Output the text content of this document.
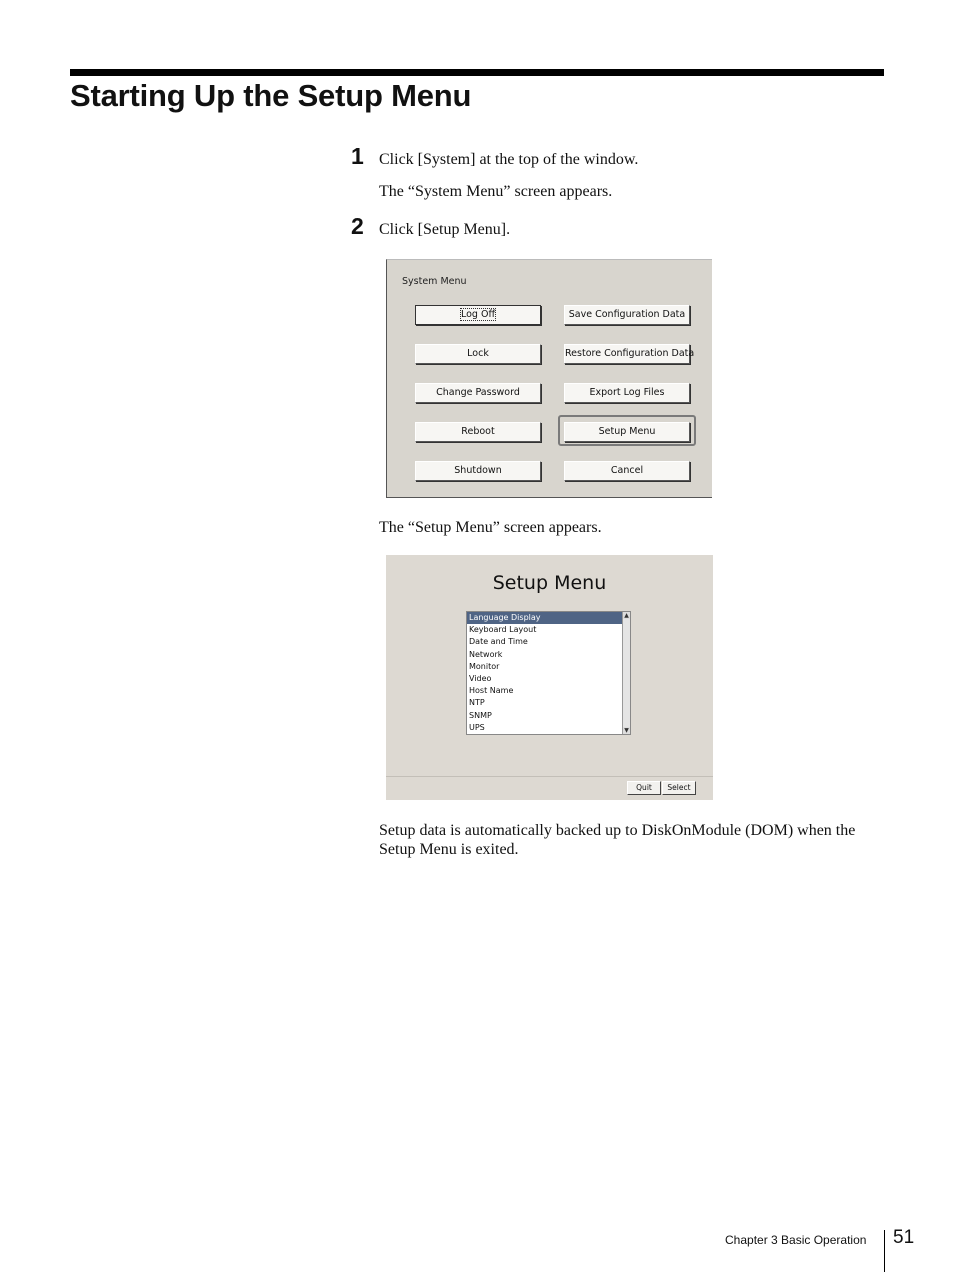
Starting Up the Setup Menu
1 Click [System] at the top of the window.

The “System Menu” screen appears.

2 Click [Setup Menu].

System Menu
Log Off
Lock
Change Password
Reboot
Shutdown
Save Configuration Data
Restore Configuration Data
Export Log Files
Setup Menu
Cancel

The “Setup Menu” screen appears.

Setup Menu
Language Display
Keyboard Layout
Date and Time
Network
Monitor
Video
Host Name
NTP
SNMP
UPS
▲
▼
Quit	Select

Setup data is automatically backed up to DiskOnModule (DOM) when the

Setup Menu is exited.

Chapter 3 Basic Operation 51
